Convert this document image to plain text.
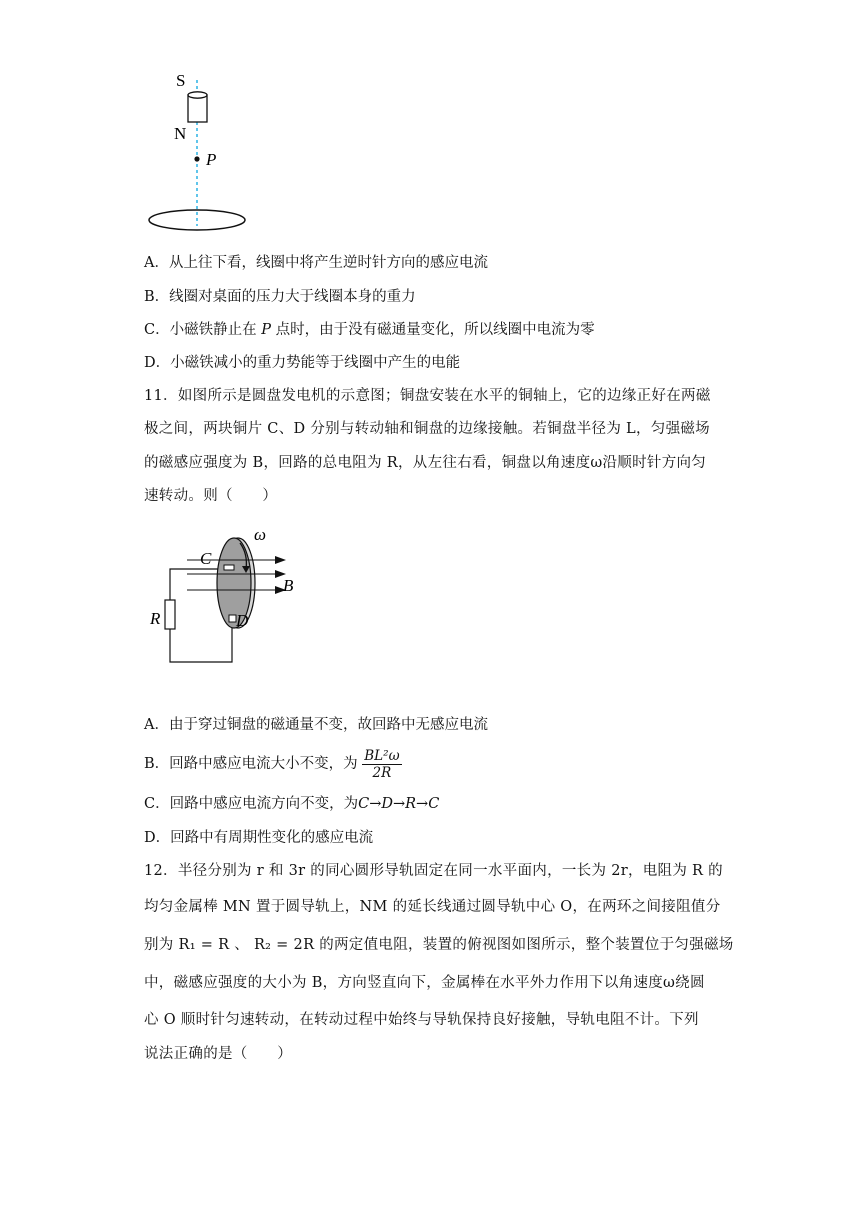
S
N
P
A．从上往下看，线圈中将产生逆时针方向的感应电流
B．线圈对桌面的压力大于线圈本身的重力
C．小磁铁静止在 P 点时，由于没有磁通量变化，所以线圈中电流为零
D．小磁铁减小的重力势能等于线圈中产生的电能
11．如图所示是圆盘发电机的示意图；铜盘安装在水平的铜轴上，它的边缘正好在两磁
极之间，两块铜片 C、D 分别与转动轴和铜盘的边缘接触。若铜盘半径为 L，匀强磁场
的磁感应强度为 B，回路的总电阻为 R，从左往右看，铜盘以角速度ω沿顺时针方向匀
速转动。则（　　）
ω
C
B
R	D
A．由于穿过铜盘的磁通量不变，故回路中无感应电流
B．回路中感应电流大小不变，为 $\frac{\text{BL²ω}}{2R}$
C．回路中感应电流方向不变，为C→D→R→C
D．回路中有周期性变化的感应电流
12．半径分别为 r 和 3r 的同心圆形导轨固定在同一水平面内，一长为 2r，电阻为 R 的
均匀金属棒 MN 置于圆导轨上，NM 的延长线通过圆导轨中心 O，在两环之间接阻值分
别为 R₁ = R 、 R₂ = 2R 的两定值电阻，装置的俯视图如图所示，整个装置位于匀强磁场
中，磁感应强度的大小为 B，方向竖直向下，金属棒在水平外力作用下以角速度ω绕圆
心 O 顺时针匀速转动，在转动过程中始终与导轨保持良好接触，导轨电阻不计。下列
说法正确的是（　　）
